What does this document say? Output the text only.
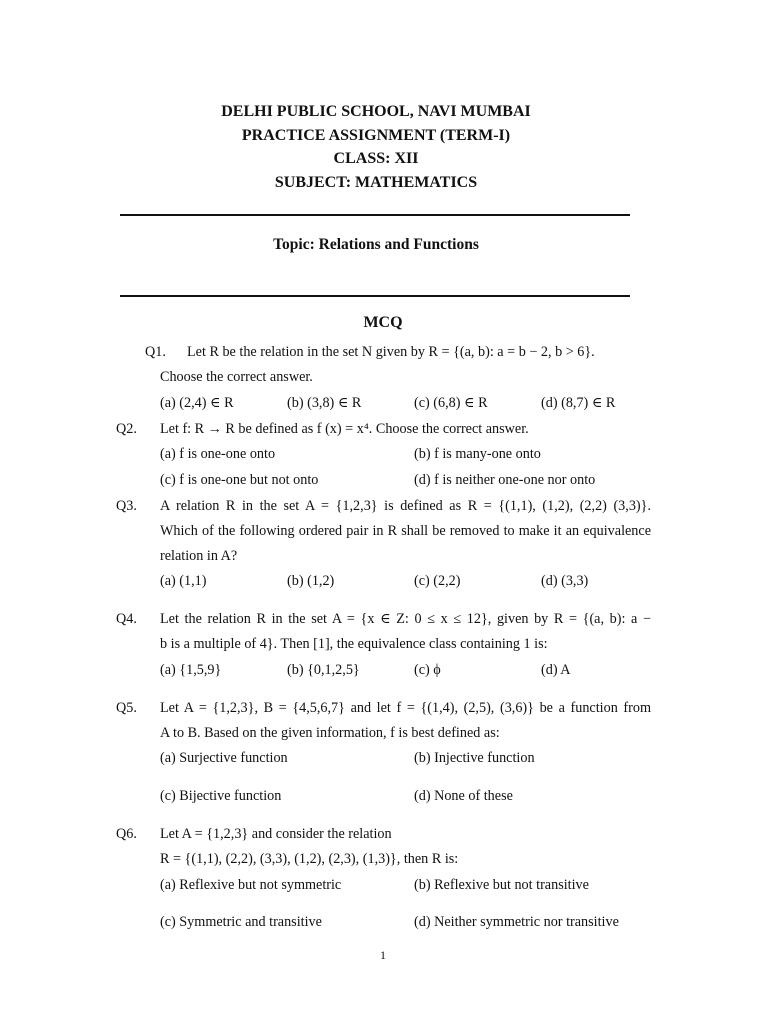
DELHI PUBLIC SCHOOL, NAVI MUMBAI
PRACTICE ASSIGNMENT (TERM-I)
CLASS: XII
SUBJECT: MATHEMATICS
Topic: Relations and Functions
MCQ
Q1. Let R be the relation in the set N given by R = {(a, b): a = b − 2, b > 6}.
Choose the correct answer.
(a) (2,4) ∈ R	(b) (3,8) ∈ R	(c) (6,8) ∈ R	(d) (8,7) ∈ R
Q2. Let f: R → R be defined as f (x) = x⁴. Choose the correct answer.
(a) f is one-one onto	(b) f is many-one onto
(c) f is one-one but not onto	(d) f is neither one-one nor onto
Q3. A relation R in the set A = {1,2,3} is defined as R = {(1,1), (1,2), (2,2) (3,3)}.
Which of the following ordered pair in R shall be removed to make it an equivalence
relation in A?
(a) (1,1)	(b) (1,2)	(c) (2,2)	(d) (3,3)
Q4. Let the relation R in the set A = {x ∈ Z: 0 ≤ x ≤ 12}, given by R = {(a, b): a −
b is a multiple of 4}. Then [1], the equivalence class containing 1 is:
(a) {1,5,9}	(b) {0,1,2,5}	(c) ϕ	(d) A
Q5. Let A = {1,2,3}, B = {4,5,6,7} and let f = {(1,4), (2,5), (3,6)} be a function from
A to B. Based on the given information, f is best defined as:
(a) Surjective function	(b) Injective function
(c) Bijective function	(d) None of these
Q6. Let A = {1,2,3} and consider the relation
R = {(1,1), (2,2), (3,3), (1,2), (2,3), (1,3)}, then R is:
(a) Reflexive but not symmetric	(b) Reflexive but not transitive
(c) Symmetric and transitive	(d) Neither symmetric nor transitive
1
